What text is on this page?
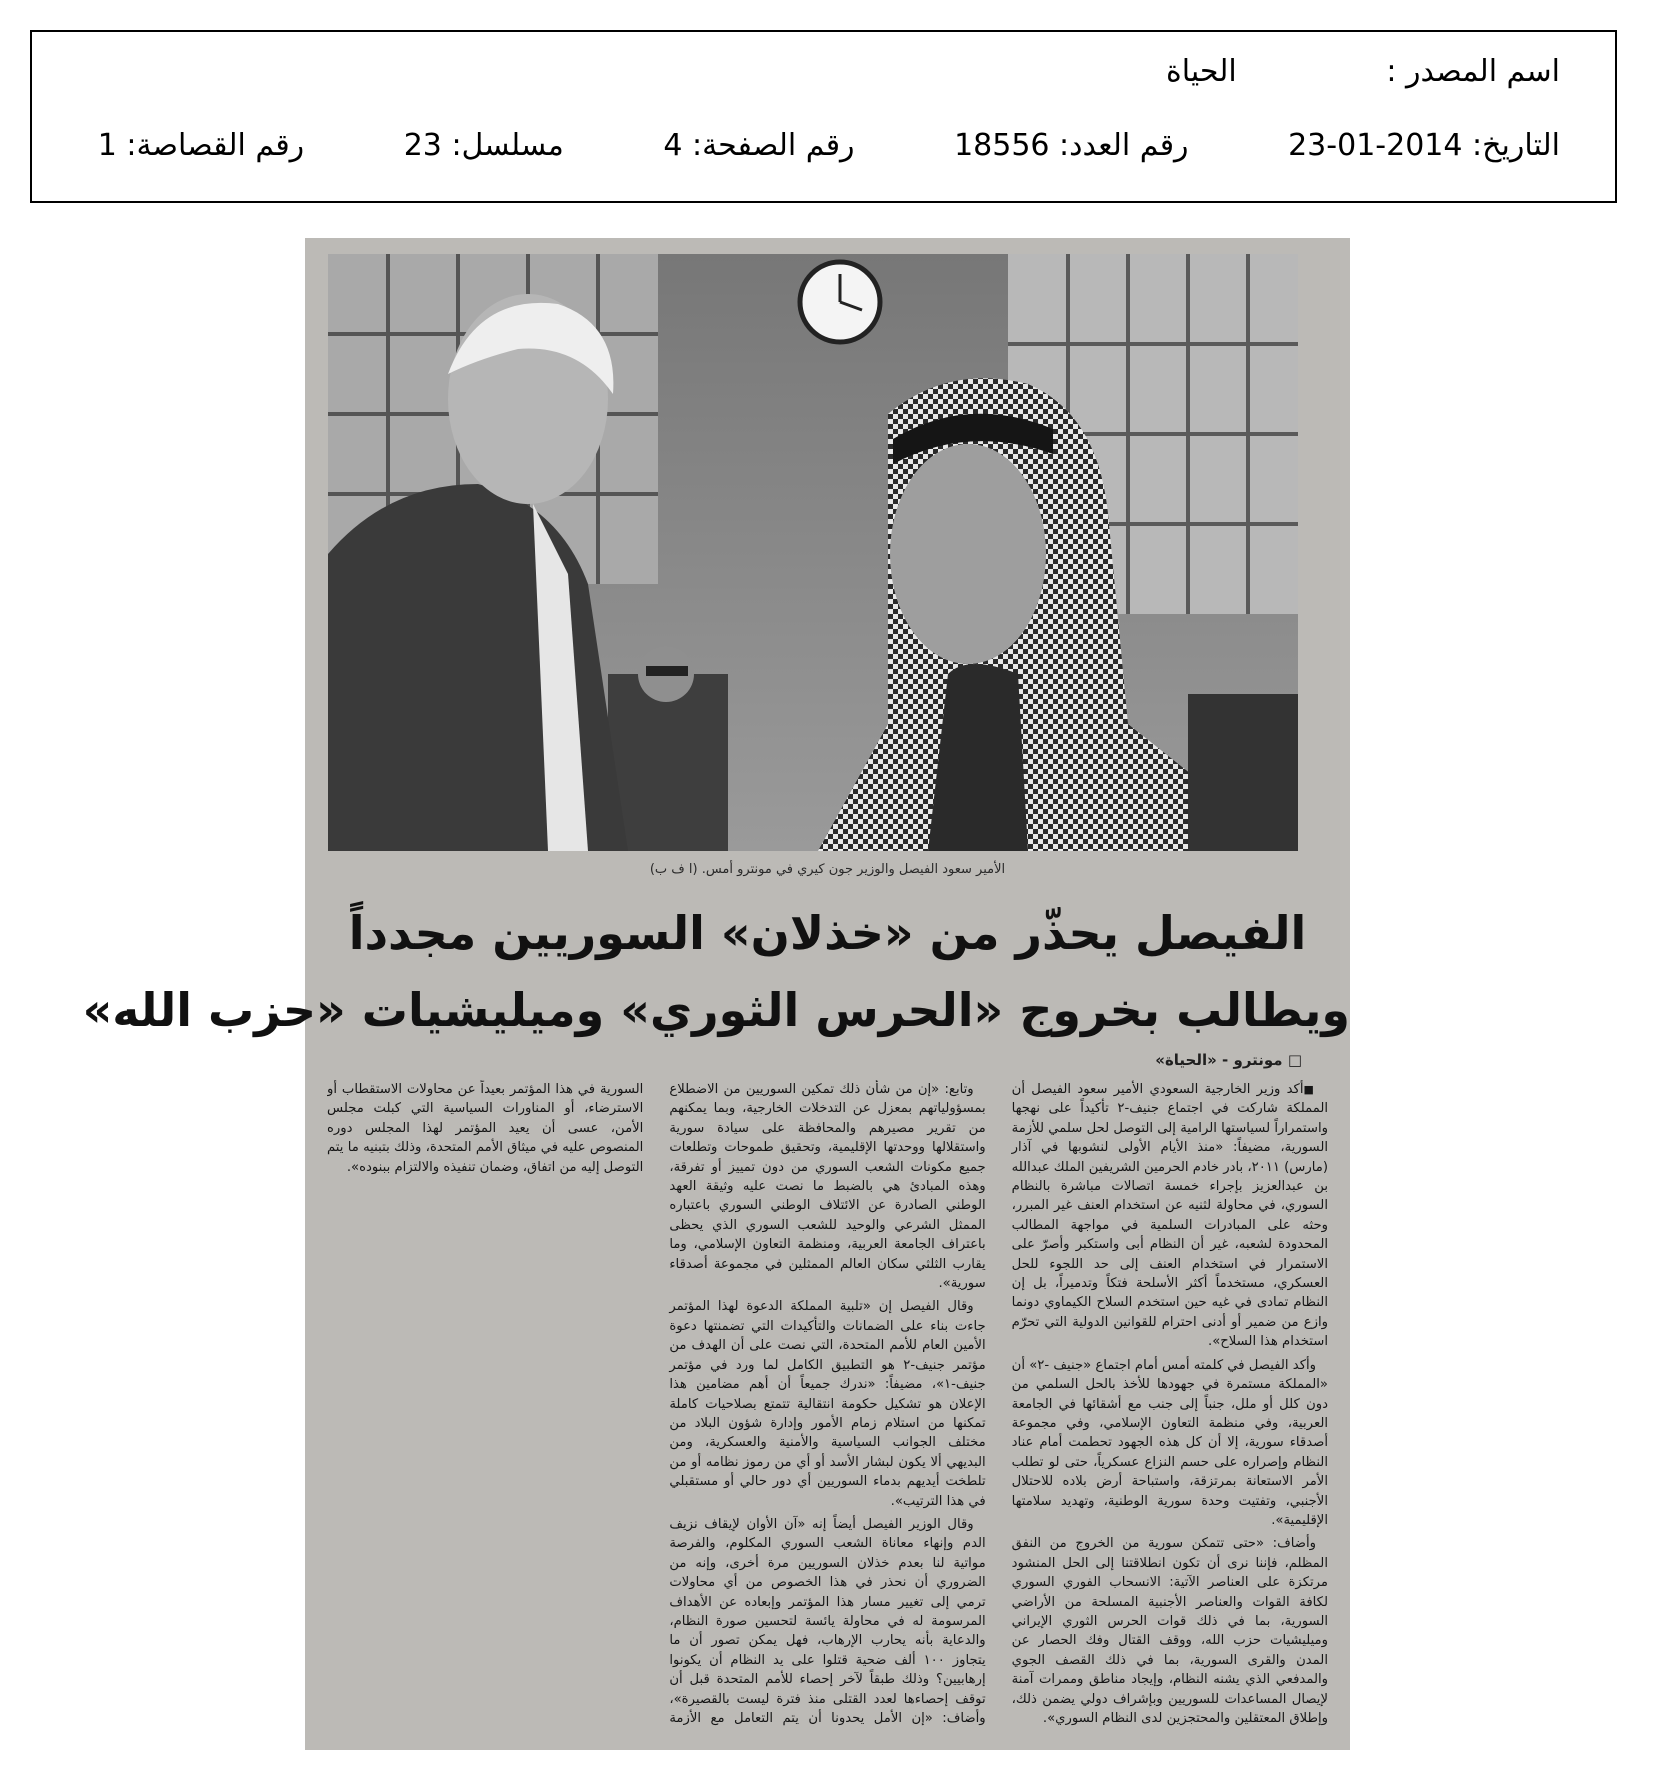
اسم المصدر : الحياة
التاريخ: 2014-01-23 رقم العدد: 18556 رقم الصفحة: 4 مسلسل: 23 رقم القصاصة: 1
الأمير سعود الفيصل والوزير جون كيري في مونترو أمس. (ا ف ب)
الفيصل يحذّر من «خذلان» السوريين مجدداً
ويطالب بخروج «الحرس الثوري» وميليشيات «حزب الله»
□ مونترو - «الحياة»

■ أكد وزير الخارجية السعودي الأمير سعود الفيصل أن المملكة شاركت في اجتماع جنيف-٢ تأكيداً على نهجها واستمراراً لسياستها الرامية إلى التوصل لحل سلمي للأزمة السورية، مضيفاً: «منذ الأيام الأولى لنشوبها في آذار (مارس) ٢٠١١، بادر خادم الحرمين الشريفين الملك عبدالله بن عبدالعزيز بإجراء خمسة اتصالات مباشرة بالنظام السوري، في محاولة لثنيه عن استخدام العنف غير المبرر، وحثه على المبادرات السلمية في مواجهة المطالب المحدودة لشعبه، غير أن النظام أبى واستكبر وأصرّ على الاستمرار في استخدام العنف إلى حد اللجوء للحل العسكري، مستخدماً أكثر الأسلحة فتكاً وتدميراً، بل إن النظام تمادى في غيه حين استخدم السلاح الكيماوي دونما وازع من ضمير أو أدنى احترام للقوانين الدولية التي تحرّم استخدام هذا السلاح».

وأكد الفيصل في كلمته أمس أمام اجتماع «جنيف -٢» أن «المملكة مستمرة في جهودها للأخذ بالحل السلمي من دون كلل أو ملل، جنباً إلى جنب مع أشقائها في الجامعة العربية، وفي منظمة التعاون الإسلامي، وفي مجموعة أصدقاء سورية، إلا أن كل هذه الجهود تحطمت أمام عناد النظام وإصراره على حسم النزاع عسكرياً، حتى لو تطلب الأمر الاستعانة بمرتزقة، واستباحة أرض بلاده للاحتلال الأجنبي، وتفتيت وحدة سورية الوطنية، وتهديد سلامتها الإقليمية».

وأضاف: «حتى تتمكن سورية من الخروج من النفق المظلم، فإننا نرى أن تكون انطلاقتنا إلى الحل المنشود مرتكزة على العناصر الآتية: الانسحاب الفوري السوري لكافة القوات والعناصر الأجنبية المسلحة من الأراضي السورية، بما في ذلك قوات الحرس الثوري الإيراني وميليشيات حزب الله، ووقف القتال وفك الحصار عن المدن والقرى السورية، بما في ذلك القصف الجوي والمدفعي الذي يشنه النظام، وإيجاد مناطق وممرات آمنة لإيصال المساعدات للسوريين وبإشراف دولي يضمن ذلك، وإطلاق المعتقلين والمحتجزين لدى النظام السوري».

وتابع: «إن من شأن ذلك تمكين السوريين من الاضطلاع بمسؤولياتهم بمعزل عن التدخلات الخارجية، وبما يمكنهم من تقرير مصيرهم والمحافظة على سيادة سورية واستقلالها ووحدتها الإقليمية، وتحقيق طموحات وتطلعات جميع مكونات الشعب السوري من دون تمييز أو تفرقة، وهذه المبادئ هي بالضبط ما نصت عليه وثيقة العهد الوطني الصادرة عن الائتلاف الوطني السوري باعتباره الممثل الشرعي والوحيد للشعب السوري الذي يحظى باعتراف الجامعة العربية، ومنظمة التعاون الإسلامي، وما يقارب الثلثي سكان العالم الممثلين في مجموعة أصدقاء سورية».

وقال الفيصل إن «تلبية المملكة الدعوة لهذا المؤتمر جاءت بناء على الضمانات والتأكيدات التي تضمنتها دعوة الأمين العام للأمم المتحدة، التي نصت على أن الهدف من مؤتمر جنيف-٢ هو التطبيق الكامل لما ورد في مؤتمر جنيف-١»، مضيفاً: «ندرك جميعاً أن أهم مضامين هذا الإعلان هو تشكيل حكومة انتقالية تتمتع بصلاحيات كاملة تمكنها من استلام زمام الأمور وإدارة شؤون البلاد من مختلف الجوانب السياسية والأمنية والعسكرية، ومن البديهي ألا يكون لبشار الأسد أو أي من رموز نظامه أو من تلطخت أيديهم بدماء السوريين أي دور حالي أو مستقبلي في هذا الترتيب».

وقال الوزير الفيصل أيضاً إنه «آن الأوان لإيقاف نزيف الدم وإنهاء معاناة الشعب السوري المكلوم، والفرصة مواتية لنا بعدم خذلان السوريين مرة أخرى، وإنه من الضروري أن نحذر في هذا الخصوص من أي محاولات ترمي إلى تغيير مسار هذا المؤتمر وإبعاده عن الأهداف المرسومة له في محاولة يائسة لتحسين صورة النظام، والدعاية بأنه يحارب الإرهاب، فهل يمكن تصور أن ما يتجاوز ١٠٠ ألف ضحية قتلوا على يد النظام أن يكونوا إرهابيين؟ وذلك طبقاً لآخر إحصاء للأمم المتحدة قبل أن توقف إحصاءها لعدد القتلى منذ فترة ليست بالقصيرة»، وأضاف: «إن الأمل يحدونا أن يتم التعامل مع الأزمة السورية في هذا المؤتمر بعيداً عن محاولات الاستقطاب أو الاسترضاء، أو المناورات السياسية التي كبلت مجلس الأمن، عسى أن يعيد المؤتمر لهذا المجلس دوره المنصوص عليه في ميثاق الأمم المتحدة، وذلك بتبنيه ما يتم التوصل إليه من اتفاق، وضمان تنفيذه والالتزام ببنوده».
